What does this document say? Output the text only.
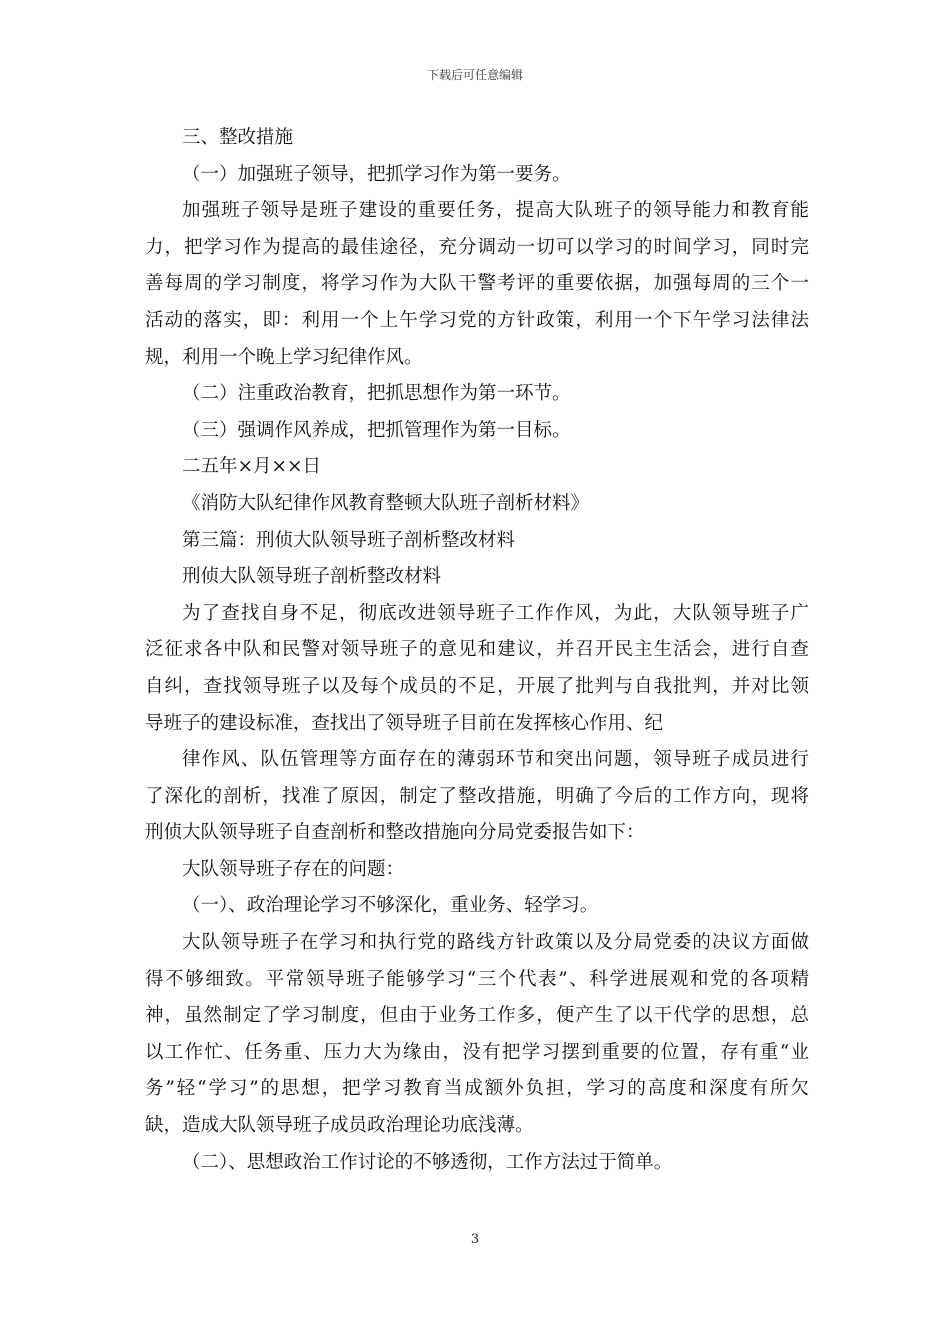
下载后可任意编辑
三、整改措施
（一）加强班子领导，把抓学习作为第一要务。
加强班子领导是班子建设的重要任务，提高大队班子的领导能力和教育能
力，把学习作为提高的最佳途径，充分调动一切可以学习的时间学习，同时完
善每周的学习制度，将学习作为大队干警考评的重要依据，加强每周的三个一
活动的落实，即：利用一个上午学习党的方针政策，利用一个下午学习法律法
规，利用一个晚上学习纪律作风。
（二）注重政治教育，把抓思想作为第一环节。
（三）强调作风养成，把抓管理作为第一目标。
二五年×月××日
《消防大队纪律作风教育整顿大队班子剖析材料》
第三篇：刑侦大队领导班子剖析整改材料
刑侦大队领导班子剖析整改材料
为了查找自身不足，彻底改进领导班子工作作风，为此，大队领导班子广
泛征求各中队和民警对领导班子的意见和建议，并召开民主生活会，进行自查
自纠，查找领导班子以及每个成员的不足，开展了批判与自我批判，并对比领
导班子的建设标准，查找出了领导班子目前在发挥核心作用、纪
律作风、队伍管理等方面存在的薄弱环节和突出问题，领导班子成员进行
了深化的剖析，找准了原因，制定了整改措施，明确了今后的工作方向，现将
刑侦大队领导班子自查剖析和整改措施向分局党委报告如下：
大队领导班子存在的问题：
（一）、政治理论学习不够深化，重业务、轻学习。
大队领导班子在学习和执行党的路线方针政策以及分局党委的决议方面做
得不够细致。平常领导班子能够学习“三个代表”、科学进展观和党的各项精
神，虽然制定了学习制度，但由于业务工作多，便产生了以干代学的思想，总
以工作忙、任务重、压力大为缘由，没有把学习摆到重要的位置，存有重“业
务”轻“学习”的思想，把学习教育当成额外负担，学习的高度和深度有所欠
缺，造成大队领导班子成员政治理论功底浅薄。
（二）、思想政治工作讨论的不够透彻，工作方法过于简单。
3
